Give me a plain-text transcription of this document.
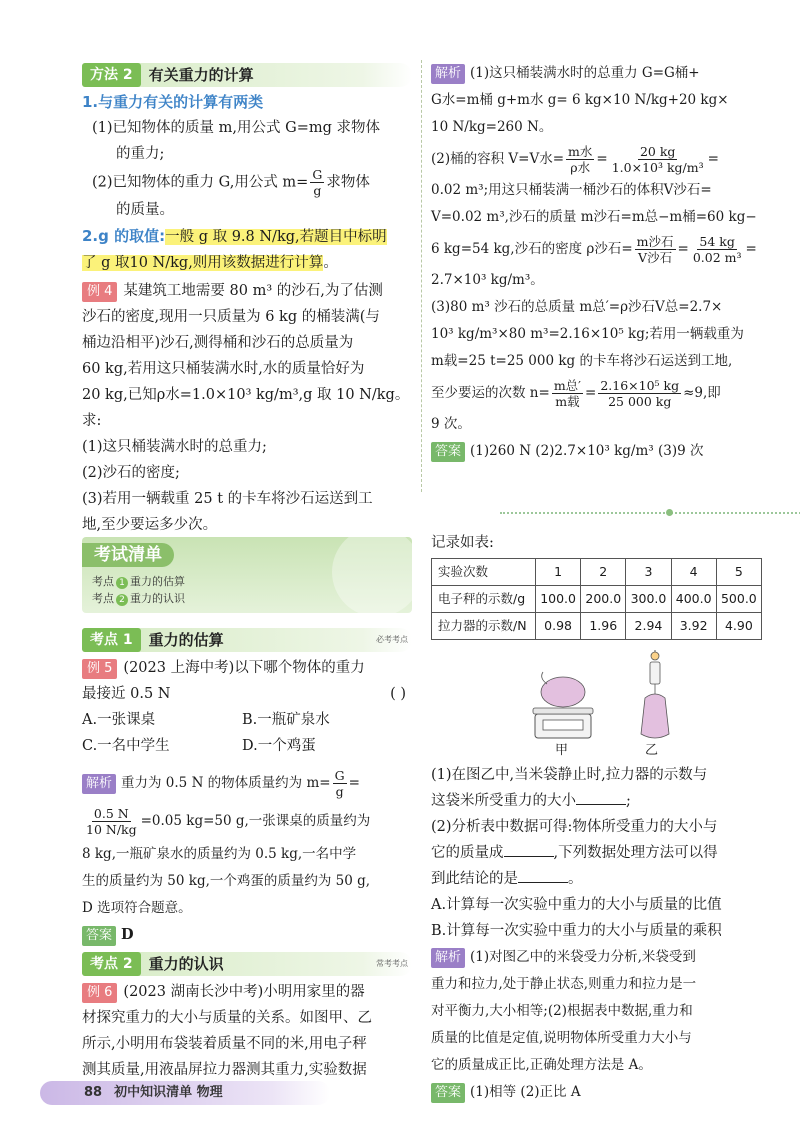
方法 2	有关重力的计算
1.与重力有关的计算有两类
(1)已知物体的质量 m,用公式 G=mg 求物体
的重力;
(2)已知物体的重力 G,用公式 $m= \frac{G}{g}$ 求物体
的质量。
2.g 的取值:一般 g 取 9.8 N/kg,若题目中标明
了 g 取10 N/kg,则用该数据进行计算。
例 4 某建筑工地需要 80 m³ 的沙石,为了估测
沙石的密度,现用一只质量为 6 kg 的桶装满(与
桶边沿相平)沙石,测得桶和沙石的总质量为
60 kg,若用这只桶装满水时,水的质量恰好为
20 kg,已知ρ水=1.0×10³ kg/m³,g 取 10 N/kg。求:
(1)这只桶装满水时的总重力;
(2)沙石的密度;
(3)若用一辆载重 25 t 的卡车将沙石运送到工
地,至少要运多少次。
解析 (1)这只桶装满水时的总重力 G=G桶+
G水=m桶 g+m水 g= 6 kg×10 N/kg+20 kg×
10 N/kg=260 N。
(2)桶的容积 V=V水= $\frac{\text{m水}}{\text{ρ水}} = \frac{20 kg}{\text{1.0×10³ kg/m³}}$ =
0.02 m³;用这只桶装满一桶沙石的体积V沙石=
V=0.02 m³,沙石的质量 m沙石=m总−m桶=60 kg−
6 kg=54 kg,沙石的密度 ρ沙石= $\frac{\text{m沙石}}{\text{V沙石}} = \frac{54 kg}{\text{0.02 m³}}$ =
2.7×10³ kg/m³。
(3)80 m³ 沙石的总质量 m总′=ρ沙石V总=2.7×
10³ kg/m³×80 m³=2.16×10⁵ kg;若用一辆载重为
m载=25 t=25 000 kg 的卡车将沙石运送到工地,
至少要运的次数 $n= \frac{\text{m总′}}{\text{m载}} = \frac{\text{2.16×10⁵ kg}}{25 000 kg} \approx 9$,即
9 次。
答案 (1)260 N (2)2.7×10³ kg/m³ (3)9 次
考试清单
考点 1 重力的估算
考点 2 重力的认识
考点 1	重力的估算	必考考点
例 5 (2023 上海中考)以下哪个物体的重力
最接近 0.5 N	( )
A.一张课桌	B.一瓶矿泉水
C.一名中学生	D.一个鸡蛋
解析 重力为 0.5 N 的物体质量约为 $m= \frac{G}{g}$ =
$\frac{0.5 N}{10 N/kg} =0.05$ kg=50 g,一张课桌的质量约为
8 kg,一瓶矿泉水的质量约为 0.5 kg,一名中学
生的质量约为 50 kg,一个鸡蛋的质量约为 50 g,
D 选项符合题意。
答案 D
考点 2	重力的认识	常考考点
例 6 (2023 湖南长沙中考)小明用家里的器
材探究重力的大小与质量的关系。如图甲、乙
所示,小明用布袋装着质量不同的米,用电子秤
测其质量,用液晶屏拉力器测其重力,实验数据
记录如表:
实验次数	1	2	3	4	5
电子秤的示数/g	100.0	200.0	300.0	400.0	500.0
拉力器的示数/N	0.98	1.96	2.94	3.92	4.90
甲	乙
(1)在图乙中,当米袋静止时,拉力器的示数与
这袋米所受重力的大小	;
(2)分析表中数据可得:物体所受重力的大小与
它的质量成	,下列数据处理方法可以得
到此结论的是	。
A.计算每一次实验中重力的大小与质量的比值
B.计算每一次实验中重力的大小与质量的乘积
解析 (1)对图乙中的米袋受力分析,米袋受到
重力和拉力,处于静止状态,则重力和拉力是一
对平衡力,大小相等;(2)根据表中数据,重力和
质量的比值是定值,说明物体所受重力大小与
它的质量成正比,正确处理方法是 A。
答案 (1)相等 (2)正比 A
88 初中知识清单 物理
